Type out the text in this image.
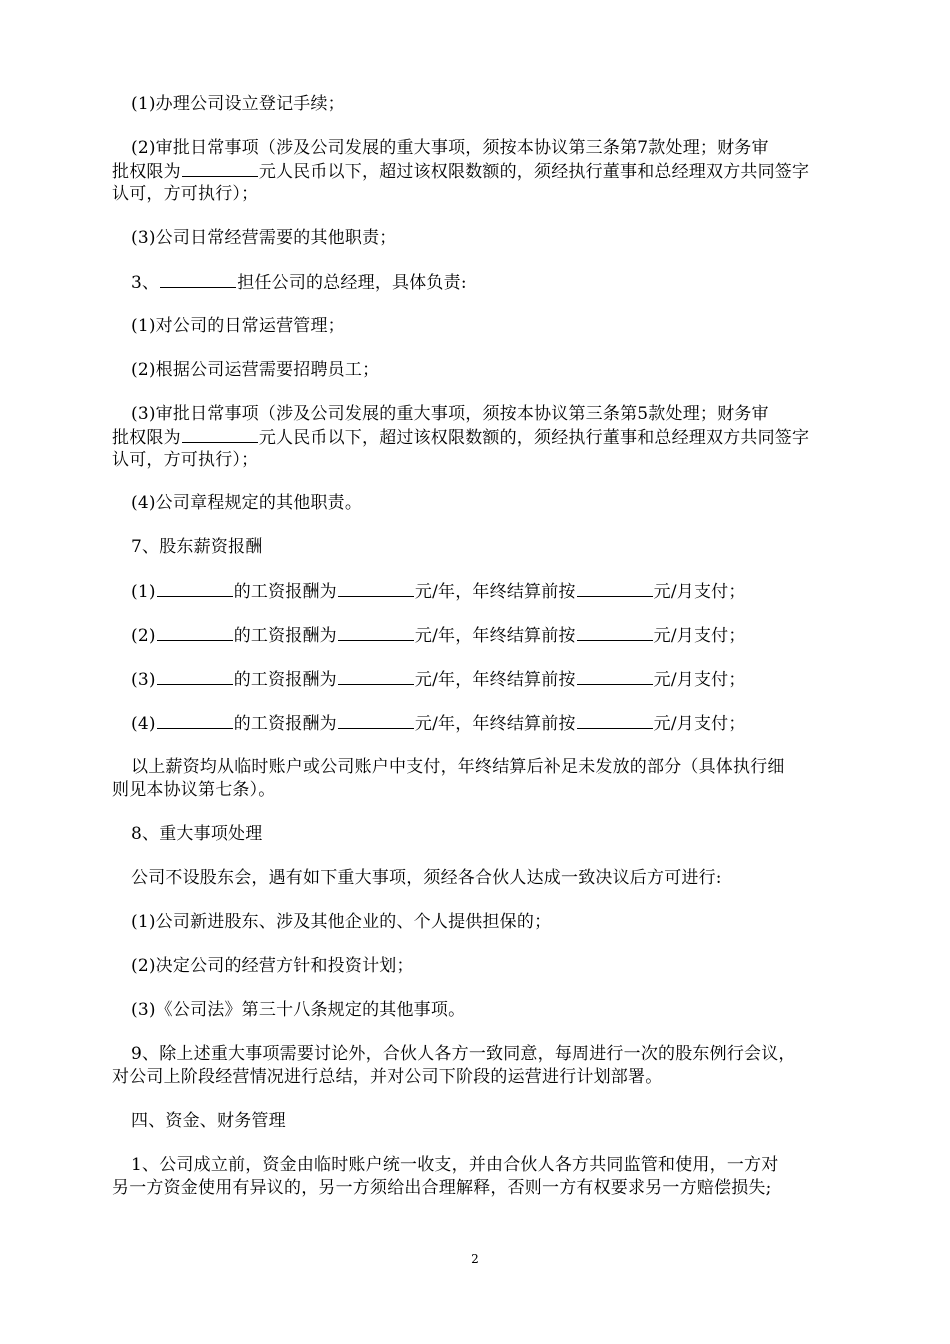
(1)办理公司设立登记手续；
(2)审批日常事项（涉及公司发展的重大事项，须按本协议第三条第7款处理；财务审
批权限为	元人民币以下，超过该权限数额的，须经执行董事和总经理双方共同签字
认可，方可执行）；
(3)公司日常经营需要的其他职责；
3、	担任公司的总经理，具体负责:
(1)对公司的日常运营管理；
(2)根据公司运营需要招聘员工；
(3)审批日常事项（涉及公司发展的重大事项，须按本协议第三条第5款处理；财务审
批权限为	元人民币以下，超过该权限数额的，须经执行董事和总经理双方共同签字
认可，方可执行）；
(4)公司章程规定的其他职责。
7、股东薪资报酬
(1)	的工资报酬为	元/年，年终结算前按	元/月支付；
(2)	的工资报酬为	元/年，年终结算前按	元/月支付；
(3)	的工资报酬为	元/年，年终结算前按	元/月支付；
(4)	的工资报酬为	元/年，年终结算前按	元/月支付；
以上薪资均从临时账户或公司账户中支付，年终结算后补足未发放的部分（具体执行细
则见本协议第七条）。
8、重大事项处理
公司不设股东会，遇有如下重大事项，须经各合伙人达成一致决议后方可进行:
(1)公司新进股东、涉及其他企业的、个人提供担保的；
(2)决定公司的经营方针和投资计划；
(3)《公司法》第三十八条规定的其他事项。
9、除上述重大事项需要讨论外，合伙人各方一致同意，每周进行一次的股东例行会议，
对公司上阶段经营情况进行总结，并对公司下阶段的运营进行计划部署。
四、资金、财务管理
1、公司成立前，资金由临时账户统一收支，并由合伙人各方共同监管和使用，一方对
另一方资金使用有异议的，另一方须给出合理解释，否则一方有权要求另一方赔偿损失;
2
